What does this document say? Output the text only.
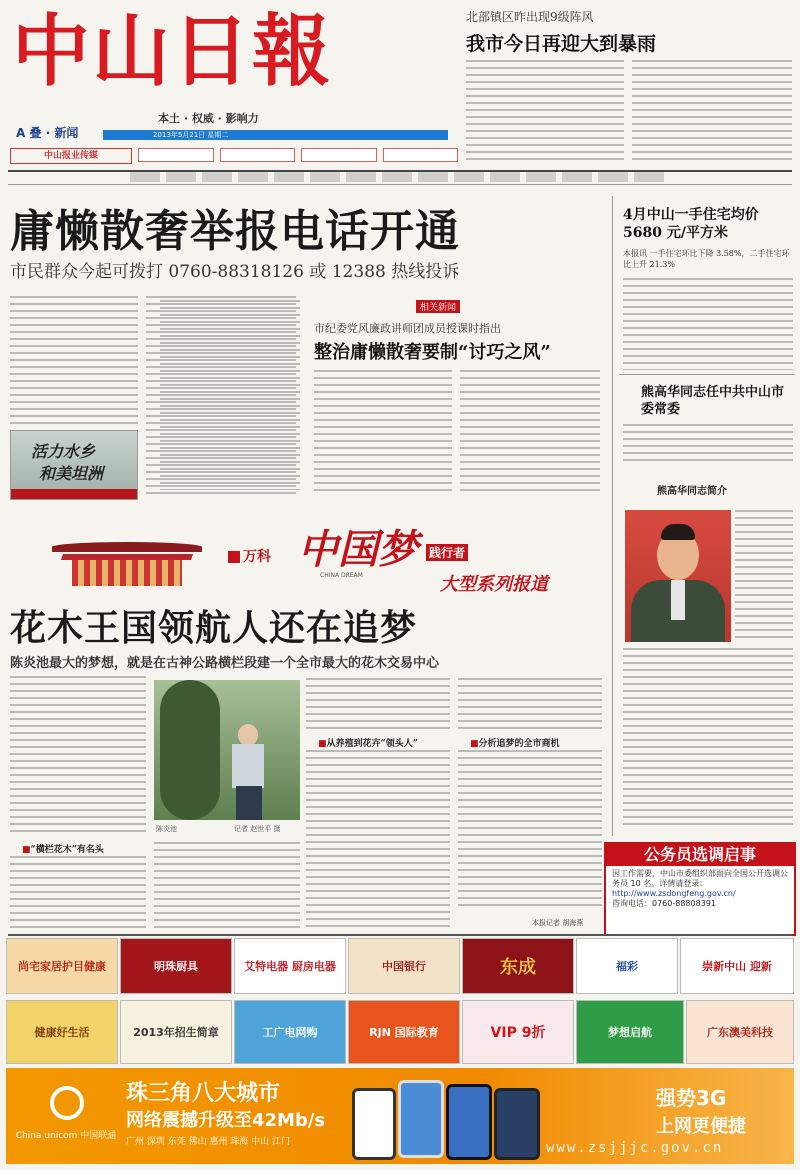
中山日報
本土 · 权威 · 影响力
A 叠 · 新闻	2013年5月21日 星期二
中山报业传媒
北部镇区昨出现9级阵风
我市今日再迎大到暴雨
庸懒散奢举报电话开通
市民群众今起可拨打 0760-88318126 或 12388 热线投诉
活力水乡
和美坦洲
相关新闻
市纪委党风廉政讲师团成员授课时指出
整治庸懒散奢要制“讨巧之风”
4月中山一手住宅均价 5680 元/平方米
本报讯 一手住宅环比下降 3.58%，二手住宅环比上升 21.3%
熊高华同志任中共中山市委常委
熊高华同志简介
万科 中国梦 践行者
CHINA DREAM	大型系列报道
花木王国领航人还在追梦
陈炎池最大的梦想，就是在古神公路横栏段建一个全市最大的花木交易中心
陈炎池	记者 赵世平 摄
■从养殖到花卉“领头人”	■分析追梦的全市商机
本报记者 胡海燕
■“横栏花木”有名头	公务员选调启事
因工作需要，中山市委组织部面向全国公开选调公务员 10 名。详情请登录：
http://www.zsdongfeng.gov.cn/
咨询电话：0760-88808391
尚宅家居护目健康	明珠厨具	艾特电器 厨房电器	中国银行	东成	福彩	崇新中山 迎新
健康好生活	2013年招生简章	工广电网购	RJN 国际教育	VIP 9折	梦想启航	广东澳美科技
China unicom 中国联通
珠三角八大城市
网络震撼升级至42Mb/s
广州 深圳 东莞 佛山 惠州 珠海 中山 江门
强势3G
上网更便捷
www.zsjjjc.gov.cn
